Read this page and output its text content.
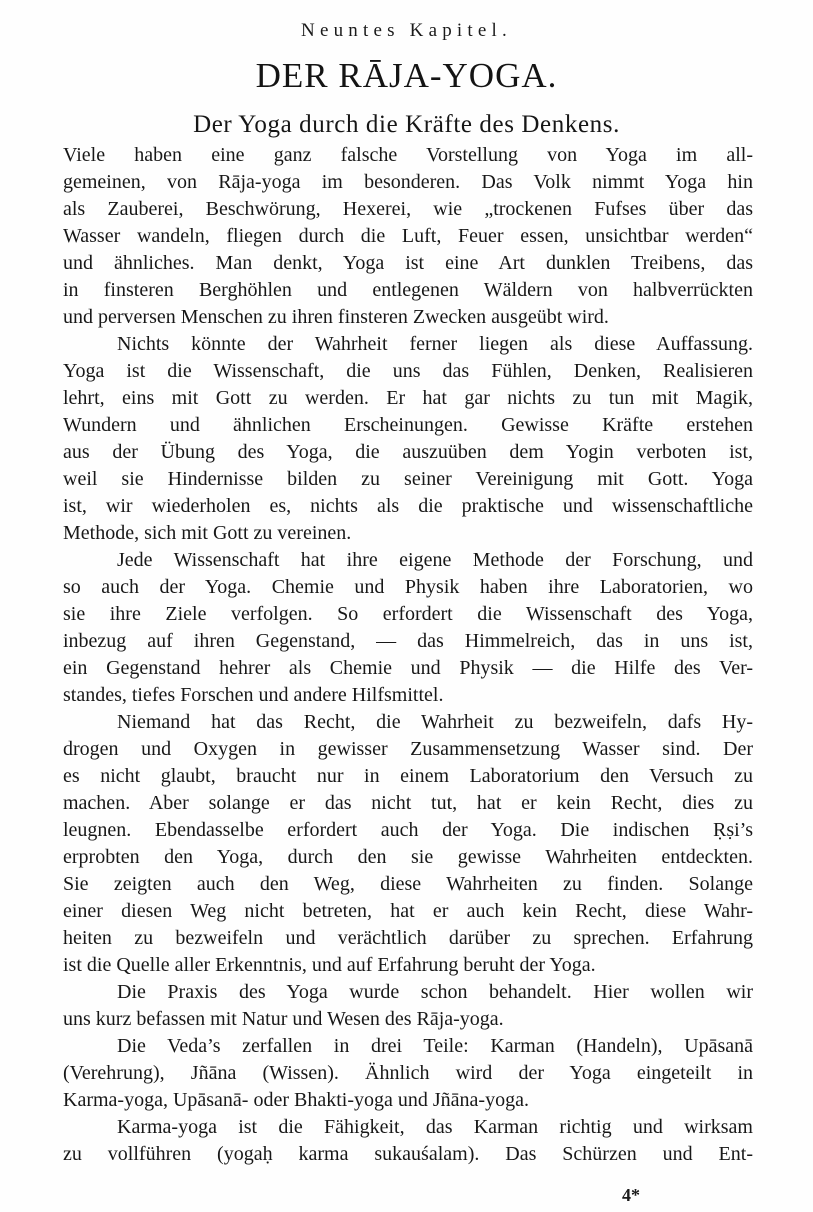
Neuntes Kapitel.
DER RĀJA-YOGA.
Der Yoga durch die Kräfte des Denkens.
Viele haben eine ganz falsche Vorstellung von Yoga im all-
gemeinen, von Rāja-yoga im besonderen. Das Volk nimmt Yoga hin
als Zauberei, Beschwörung, Hexerei, wie „trockenen Fufses über das
Wasser wandeln, fliegen durch die Luft, Feuer essen, unsichtbar werden“
und ähnliches. Man denkt, Yoga ist eine Art dunklen Treibens, das
in finsteren Berghöhlen und entlegenen Wäldern von halbverrückten
und perversen Menschen zu ihren finsteren Zwecken ausgeübt wird.
Nichts könnte der Wahrheit ferner liegen als diese Auffassung.
Yoga ist die Wissenschaft, die uns das Fühlen, Denken, Realisieren
lehrt, eins mit Gott zu werden. Er hat gar nichts zu tun mit Magik,
Wundern und ähnlichen Erscheinungen. Gewisse Kräfte erstehen
aus der Übung des Yoga, die auszuüben dem Yogin verboten ist,
weil sie Hindernisse bilden zu seiner Vereinigung mit Gott. Yoga
ist, wir wiederholen es, nichts als die praktische und wissenschaftliche
Methode, sich mit Gott zu vereinen.
Jede Wissenschaft hat ihre eigene Methode der Forschung, und
so auch der Yoga. Chemie und Physik haben ihre Laboratorien, wo
sie ihre Ziele verfolgen. So erfordert die Wissenschaft des Yoga,
inbezug auf ihren Gegenstand, — das Himmelreich, das in uns ist,
ein Gegenstand hehrer als Chemie und Physik — die Hilfe des Ver-
standes, tiefes Forschen und andere Hilfsmittel.
Niemand hat das Recht, die Wahrheit zu bezweifeln, dafs Hy-
drogen und Oxygen in gewisser Zusammensetzung Wasser sind. Der
es nicht glaubt, braucht nur in einem Laboratorium den Versuch zu
machen. Aber solange er das nicht tut, hat er kein Recht, dies zu
leugnen. Ebendasselbe erfordert auch der Yoga. Die indischen Ṛṣi’s
erprobten den Yoga, durch den sie gewisse Wahrheiten entdeckten.
Sie zeigten auch den Weg, diese Wahrheiten zu finden. Solange
einer diesen Weg nicht betreten, hat er auch kein Recht, diese Wahr-
heiten zu bezweifeln und verächtlich darüber zu sprechen. Erfahrung
ist die Quelle aller Erkenntnis, und auf Erfahrung beruht der Yoga.
Die Praxis des Yoga wurde schon behandelt. Hier wollen wir
uns kurz befassen mit Natur und Wesen des Rāja-yoga.
Die Veda’s zerfallen in drei Teile: Karman (Handeln), Upāsanā
(Verehrung), Jñāna (Wissen). Ähnlich wird der Yoga eingeteilt in
Karma-yoga, Upāsanā- oder Bhakti-yoga und Jñāna-yoga.
Karma-yoga ist die Fähigkeit, das Karman richtig und wirksam
zu vollführen (yogaḥ karma sukauśalam). Das Schürzen und Ent-
4*
